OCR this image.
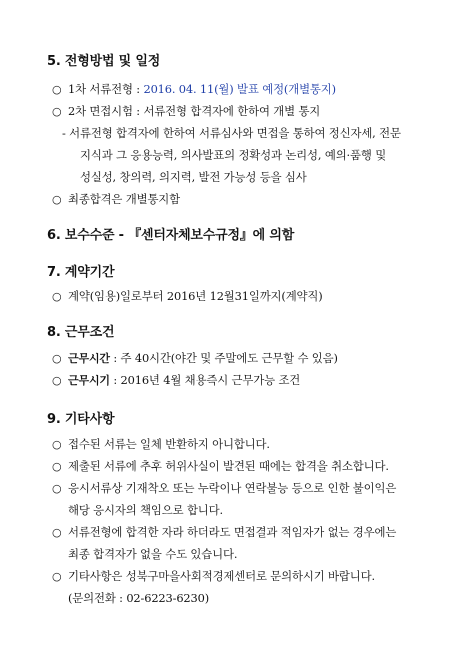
5. 전형방법 및 일정
○ 1차 서류전형 : 2016. 04. 11(월) 발표 예정(개별통지)
○ 2차 면접시험 : 서류전형 합격자에 한하여 개별 통지
- 서류전형 합격자에 한하여 서류심사와 면접을 통하여 정신자세, 전문
지식과 그 응용능력, 의사발표의 정확성과 논리성, 예의·품행 및
성실성, 창의력, 의지력, 발전 가능성 등을 심사
○ 최종합격은 개별통지함
6. 보수수준 - 『센터자체보수규정』에 의함
7. 계약기간
○ 계약(임용)일로부터 2016년 12월31일까지(계약직)
8. 근무조건
○ 근무시간 : 주 40시간(야간 및 주말에도 근무할 수 있음)
○ 근무시기 : 2016년 4월 채용즉시 근무가능 조건
9. 기타사항
○ 접수된 서류는 일체 반환하지 아니합니다.
○ 제출된 서류에 추후 허위사실이 발견된 때에는 합격을 취소합니다.
○ 응시서류상 기재착오 또는 누락이나 연락불능 등으로 인한 불이익은
해당 응시자의 책임으로 합니다.
○ 서류전형에 합격한 자라 하더라도 면접결과 적임자가 없는 경우에는
최종 합격자가 없을 수도 있습니다.
○ 기타사항은 성북구마을사회적경제센터로 문의하시기 바랍니다.
(문의전화 : 02-6223-6230)
